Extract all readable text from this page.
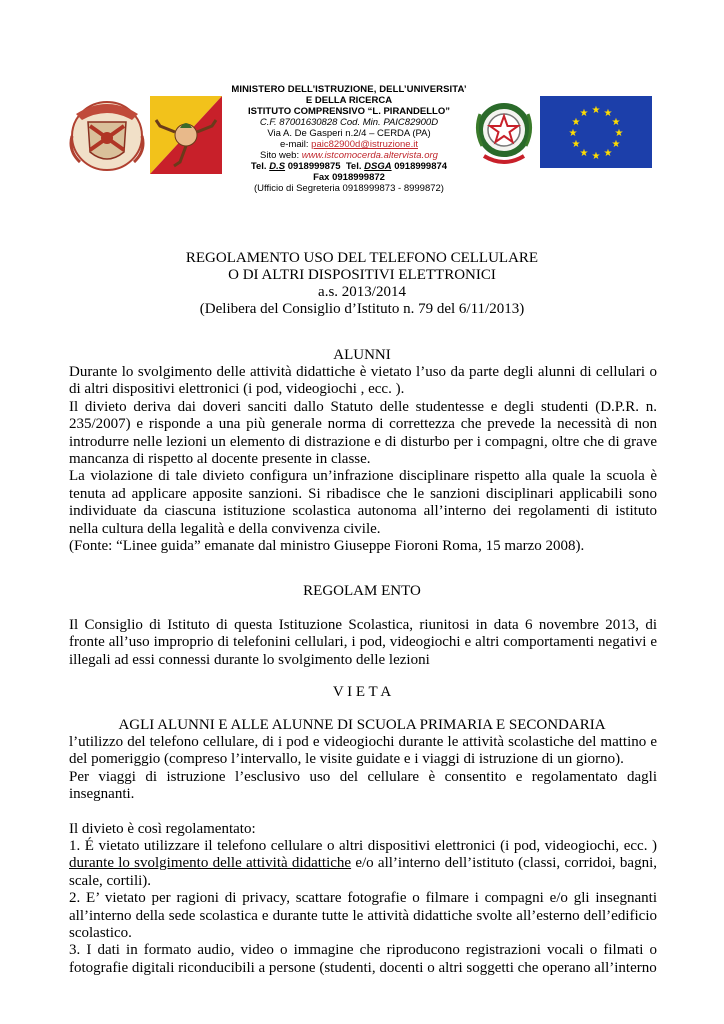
MINISTERO DELL’ISTRUZIONE, DELL’UNIVERSITA’
E DELLA RICERCA
ISTITUTO COMPRENSIVO “L. PIRANDELLO”
C.F. 87001630828 Cod. Min. PAIC82900D
Via A. De Gasperi n.2/4 – CERDA (PA)
e-mail: paic82900d@istruzione.it
Sito web: www.istcomocerda.altervista.org
Tel. D.S 0918999875 Tel. DSGA 0918999874
Fax 0918999872
(Ufficio di Segreteria 0918999873 - 8999872)
★ ★
★
★
★
★
★
★
★
★
★
★
REGOLAMENTO USO DEL TELEFONO CELLULARE
O DI ALTRI DISPOSITIVI ELETTRONICI
a.s. 2013/2014
(Delibera del Consiglio d’Istituto n. 79 del 6/11/2013)
ALUNNI

Durante lo svolgimento delle attività didattiche è vietato l’uso da parte degli alunni di cellulari o di altri dispositivi elettronici (i pod, videogiochi , ecc. ).

Il divieto deriva dai doveri sanciti dallo Statuto delle studentesse e degli studenti (D.P.R. n. 235/2007) e risponde a una più generale norma di correttezza che prevede la necessità di non introdurre nelle lezioni un elemento di distrazione e di disturbo per i compagni, oltre che di grave mancanza di rispetto al docente presente in classe.

La violazione di tale divieto configura un’infrazione disciplinare rispetto alla quale la scuola è tenuta ad applicare apposite sanzioni. Si ribadisce che le sanzioni disciplinari applicabili sono individuate da ciascuna istituzione scolastica autonoma all’interno dei regolamenti di istituto nella cultura della legalità e della convivenza civile.

(Fonte: “Linee guida” emanate dal ministro Giuseppe Fioroni Roma, 15 marzo 2008).

REGOLAM ENTO

Il Consiglio di Istituto di questa Istituzione Scolastica, riunitosi in data 6 novembre 2013, di fronte all’uso improprio di telefonini cellulari, i pod, videogiochi e altri comportamenti negativi e illegali ad essi connessi durante lo svolgimento delle lezioni

V I E T A
AGLI ALUNNI E ALLE ALUNNE DI SCUOLA PRIMARIA E SECONDARIA

l’utilizzo del telefono cellulare, di i pod e videogiochi durante le attività scolastiche del mattino e del pomeriggio (compreso l’intervallo, le visite guidate e i viaggi di istruzione di un giorno).

Per viaggi di istruzione l’esclusivo uso del cellulare è consentito e regolamentato dagli insegnanti.

Il divieto è così regolamentato:

1. É vietato utilizzare il telefono cellulare o altri dispositivi elettronici (i pod, videogiochi, ecc. ) durante lo svolgimento delle attività didattiche e/o all’interno dell’istituto (classi, corridoi, bagni, scale, cortili).

2. E’ vietato per ragioni di privacy, scattare fotografie o filmare i compagni e/o gli insegnanti all’interno della sede scolastica e durante tutte le attività didattiche svolte all’esterno dell’edificio scolastico.

3. I dati in formato audio, video o immagine che riproducono registrazioni vocali o filmati o fotografie digitali riconducibili a persone (studenti, docenti o altri soggetti che operano all’interno
